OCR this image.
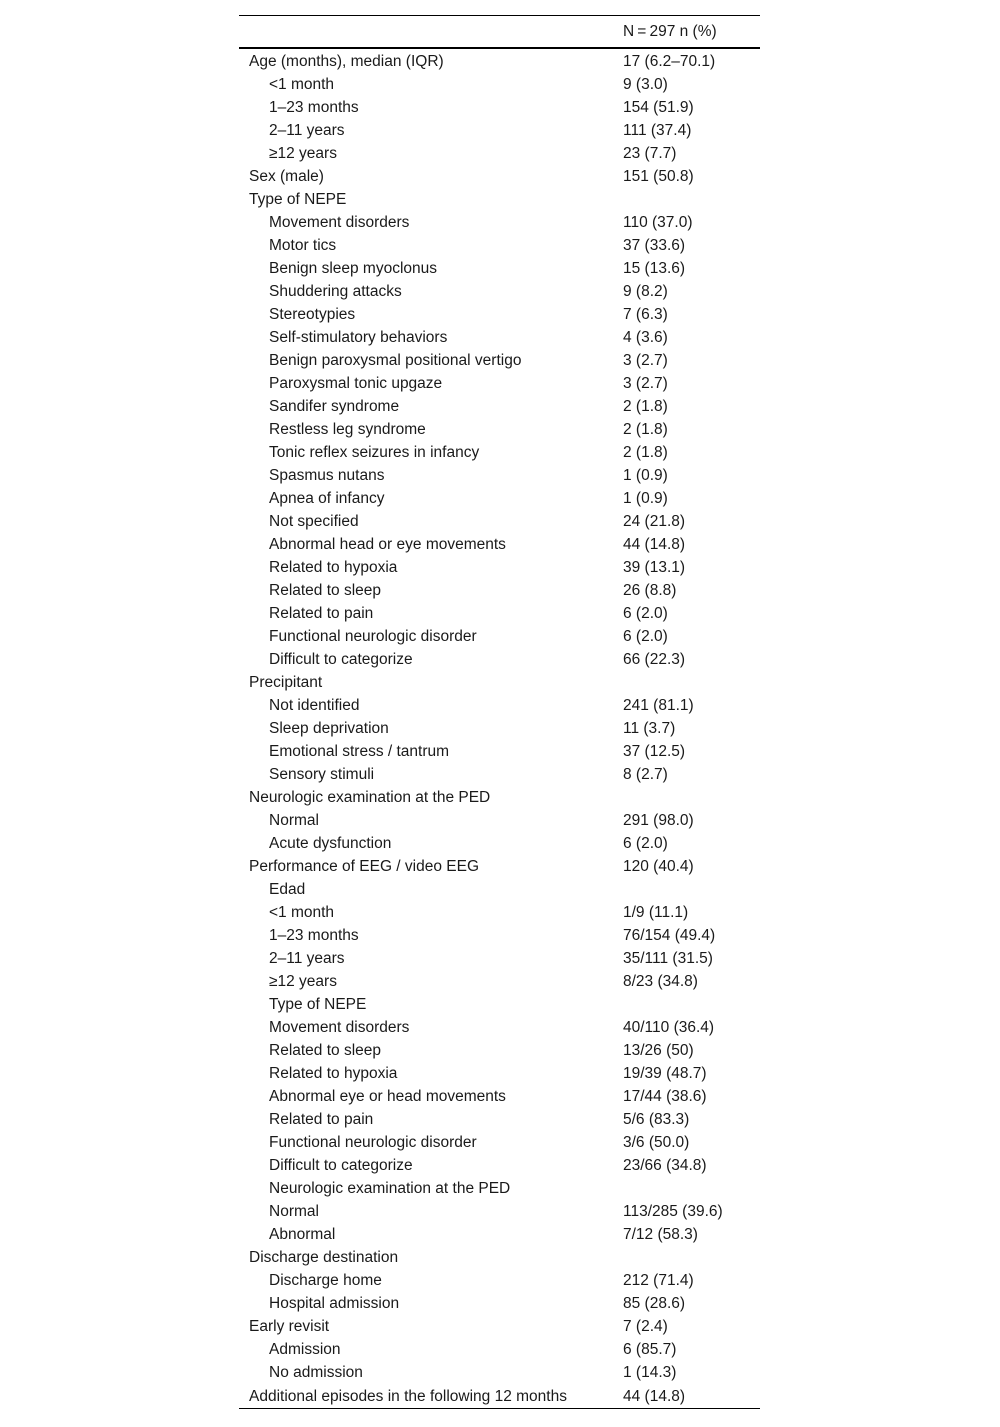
	N = 297 n (%)
Age (months), median (IQR)	17 (6.2–70.1)
<1 month	9 (3.0)
1–23 months	154 (51.9)
2–11 years	111 (37.4)
≥12 years	23 (7.7)
Sex (male)	151 (50.8)
Type of NEPE	
Movement disorders	110 (37.0)
Motor tics	37 (33.6)
Benign sleep myoclonus	15 (13.6)
Shuddering attacks	9 (8.2)
Stereotypies	7 (6.3)
Self-stimulatory behaviors	4 (3.6)
Benign paroxysmal positional vertigo	3 (2.7)
Paroxysmal tonic upgaze	3 (2.7)
Sandifer syndrome	2 (1.8)
Restless leg syndrome	2 (1.8)
Tonic reflex seizures in infancy	2 (1.8)
Spasmus nutans	1 (0.9)
Apnea of infancy	1 (0.9)
Not specified	24 (21.8)
Abnormal head or eye movements	44 (14.8)
Related to hypoxia	39 (13.1)
Related to sleep	26 (8.8)
Related to pain	6 (2.0)
Functional neurologic disorder	6 (2.0)
Difficult to categorize	66 (22.3)
Precipitant	
Not identified	241 (81.1)
Sleep deprivation	11 (3.7)
Emotional stress / tantrum	37 (12.5)
Sensory stimuli	8 (2.7)
Neurologic examination at the PED	
Normal	291 (98.0)
Acute dysfunction	6 (2.0)
Performance of EEG / video EEG	120 (40.4)
Edad	
<1 month	1/9 (11.1)
1–23 months	76/154 (49.4)
2–11 years	35/111 (31.5)
≥12 years	8/23 (34.8)
Type of NEPE	
Movement disorders	40/110 (36.4)
Related to sleep	13/26 (50)
Related to hypoxia	19/39 (48.7)
Abnormal eye or head movements	17/44 (38.6)
Related to pain	5/6 (83.3)
Functional neurologic disorder	3/6 (50.0)
Difficult to categorize	23/66 (34.8)
Neurologic examination at the PED	
Normal	113/285 (39.6)
Abnormal	7/12 (58.3)
Discharge destination	
Discharge home	212 (71.4)
Hospital admission	85 (28.6)
Early revisit	7 (2.4)
Admission	6 (85.7)
No admission	1 (14.3)
Additional episodes in the following 12 months	44 (14.8)
